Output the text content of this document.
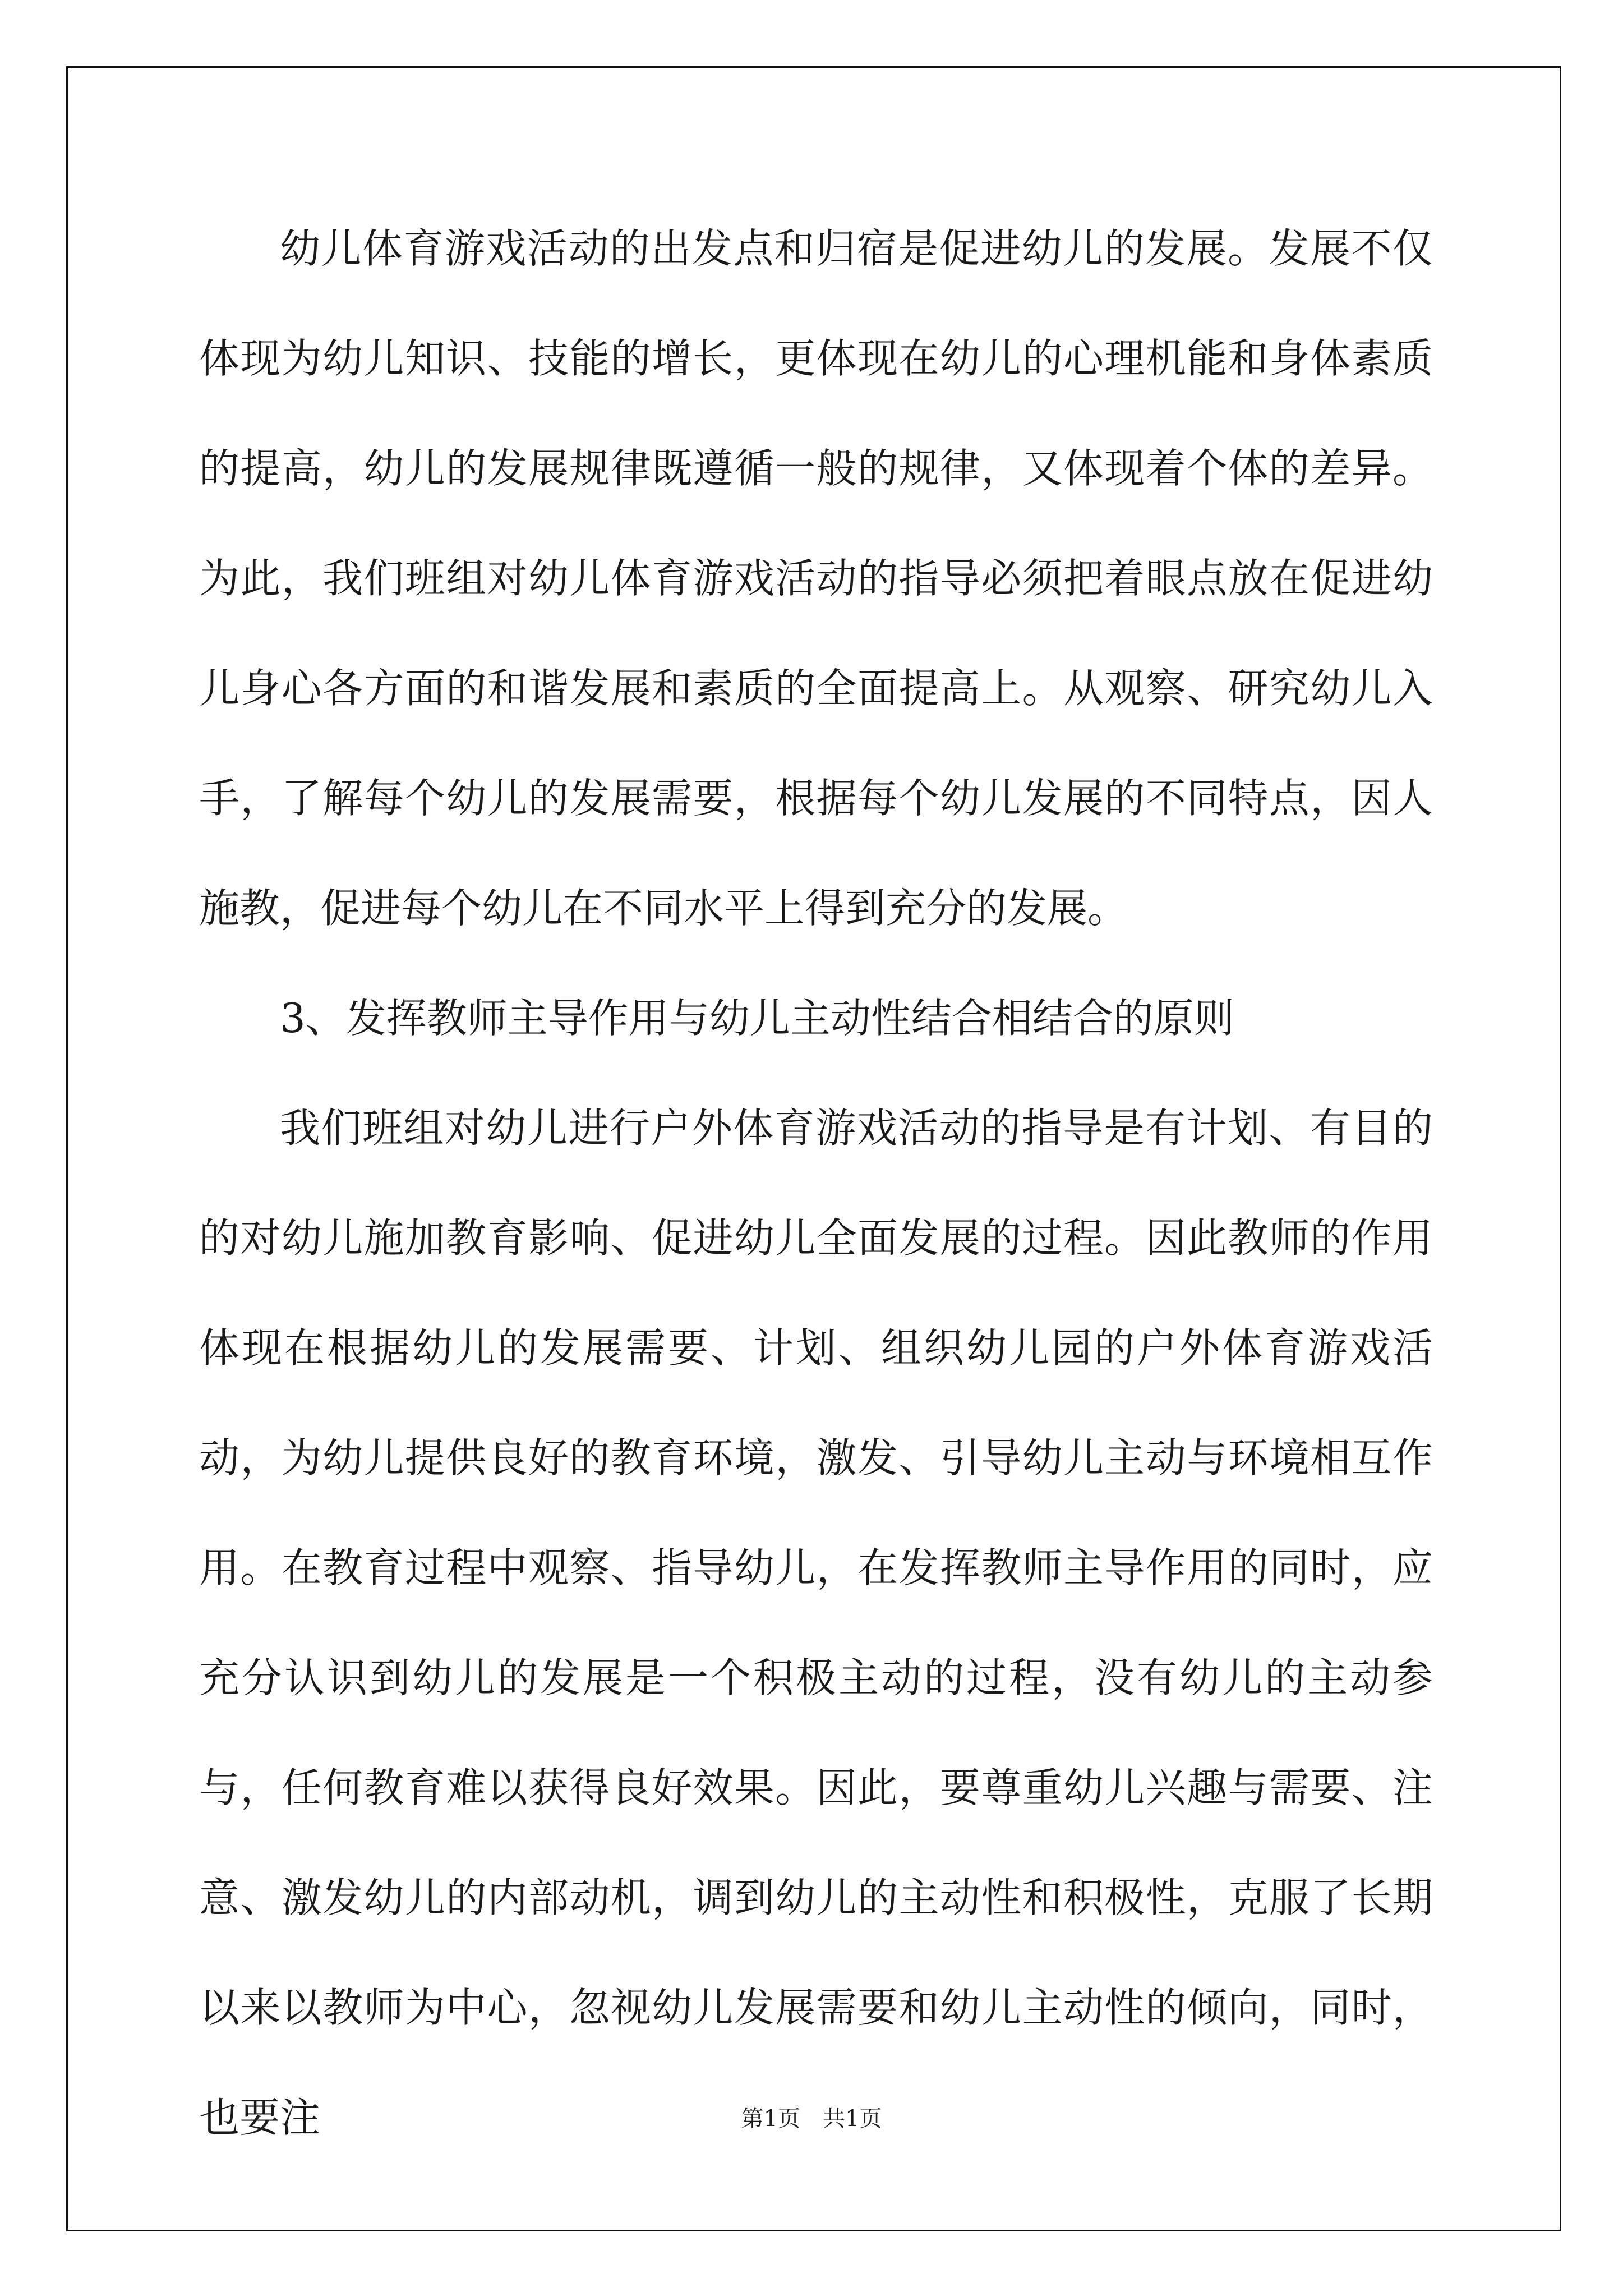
幼儿体育游戏活动的出发点和归宿是促进幼儿的发展。发展不仅体现为幼儿知识、技能的增长，更体现在幼儿的心理机能和身体素质的提高，幼儿的发展规律既遵循一般的规律，又体现着个体的差异。为此，我们班组对幼儿体育游戏活动的指导必须把着眼点放在促进幼儿身心各方面的和谐发展和素质的全面提高上。从观察、研究幼儿入手，了解每个幼儿的发展需要，根据每个幼儿发展的不同特点，因人施教，促进每个幼儿在不同水平上得到充分的发展。

3、发挥教师主导作用与幼儿主动性结合相结合的原则

我们班组对幼儿进行户外体育游戏活动的指导是有计划、有目的的对幼儿施加教育影响、促进幼儿全面发展的过程。因此教师的作用体现在根据幼儿的发展需要、计划、组织幼儿园的户外体育游戏活动，为幼儿提供良好的教育环境，激发、引导幼儿主动与环境相互作用。在教育过程中观察、指导幼儿，在发挥教师主导作用的同时，应充分认识到幼儿的发展是一个积极主动的过程，没有幼儿的主动参与，任何教育难以获得良好效果。因此，要尊重幼儿兴趣与需要、注意、激发幼儿的内部动机，调到幼儿的主动性和积极性，克服了长期以来以教师为中心，忽视幼儿发展需要和幼儿主动性的倾向，同时，也要注	第1页　共1页
